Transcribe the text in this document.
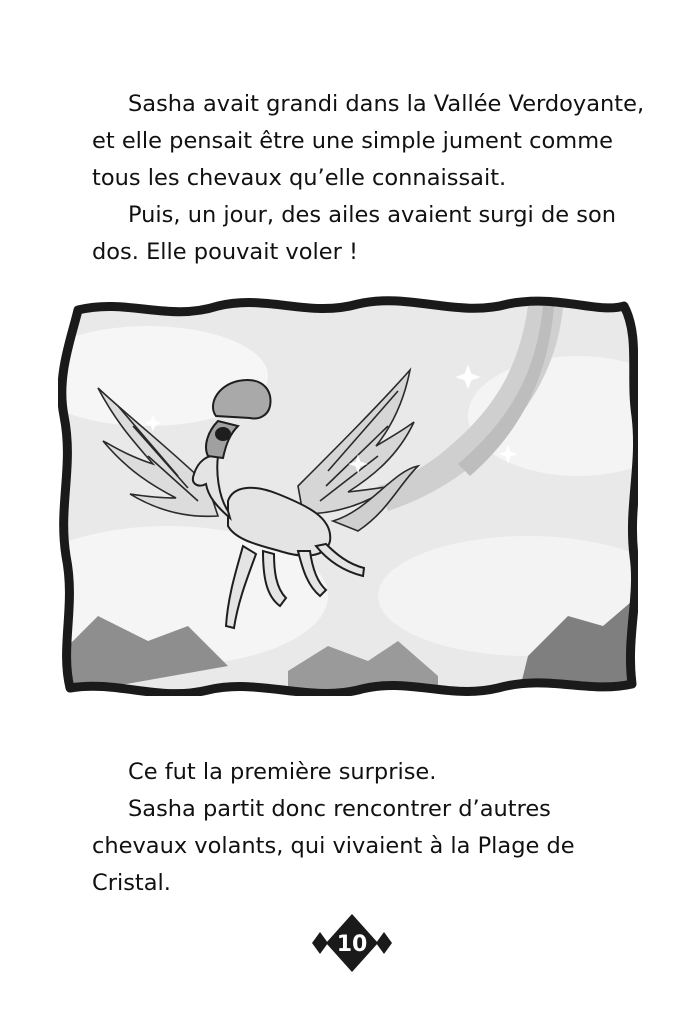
Sasha avait grandi dans la Vallée Verdoyante,
et elle pensait être une simple jument comme
tous les chevaux qu’elle connaissait.
Puis, un jour, des ailes avaient surgi de son
dos. Elle pouvait voler !
Ce fut la première surprise.
Sasha partit donc rencontrer d’autres
chevaux volants, qui vivaient à la Plage de
Cristal.
10
